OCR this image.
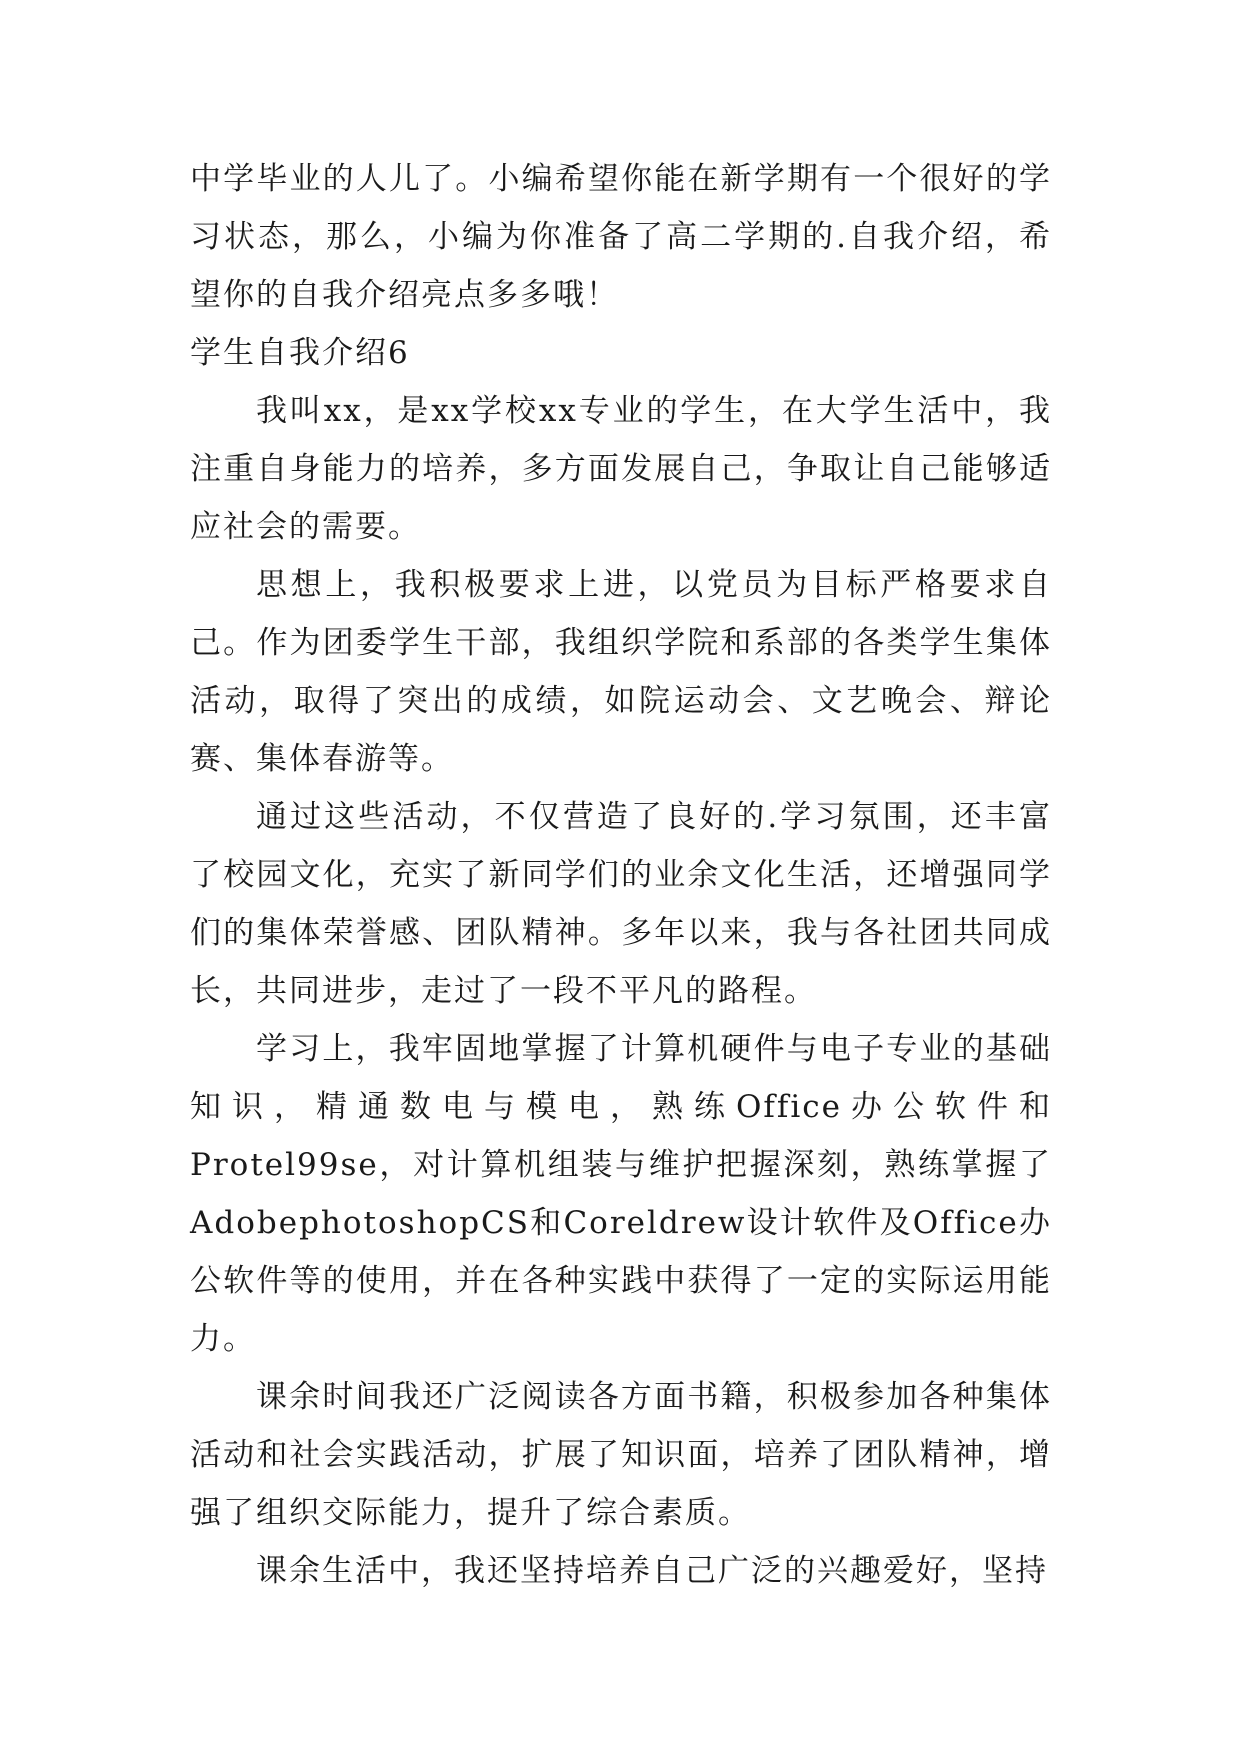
中学毕业的人儿了。小编希望你能在新学期有一个很好的学习状态，那么，小编为你准备了高二学期的.自我介绍，希望你的自我介绍亮点多多哦！

学生自我介绍6

我叫xx，是xx学校xx专业的学生，在大学生活中，我注重自身能力的培养，多方面发展自己，争取让自己能够适应社会的需要。

思想上，我积极要求上进，以党员为目标严格要求自己。作为团委学生干部，我组织学院和系部的各类学生集体活动，取得了突出的成绩，如院运动会、文艺晚会、辩论赛、集体春游等。

通过这些活动，不仅营造了良好的.学习氛围，还丰富了校园文化，充实了新同学们的业余文化生活，还增强同学们的集体荣誉感、团队精神。多年以来，我与各社团共同成长，共同进步，走过了一段不平凡的路程。

学习上，我牢固地掌握了计算机硬件与电子专业的基础知识，精通数电与模电，熟练Office办公软件和Protel99se，对计算机组装与维护把握深刻，熟练掌握了AdobephotoshopCS和Coreldrew设计软件及Office办公软件等的使用，并在各种实践中获得了一定的实际运用能力。

课余时间我还广泛阅读各方面书籍，积极参加各种集体活动和社会实践活动，扩展了知识面，培养了团队精神，增强了组织交际能力，提升了综合素质。

课余生活中，我还坚持培养自己广泛的兴趣爱好，坚持
